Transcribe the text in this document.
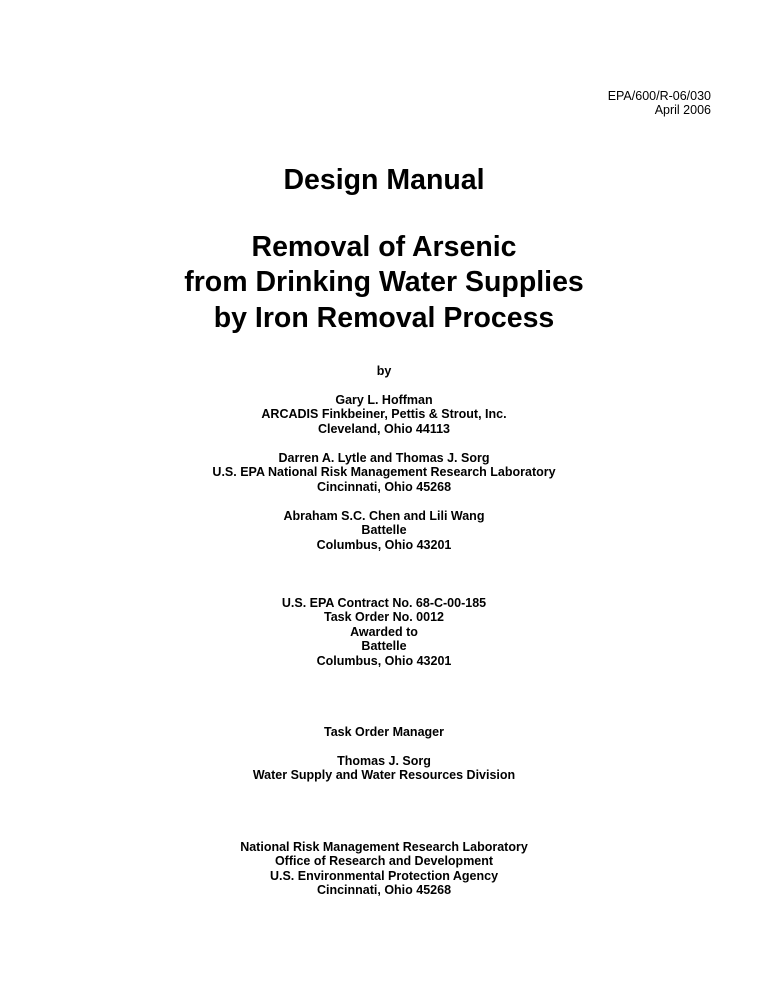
EPA/600/R-06/030
April 2006
Design Manual
Removal of Arsenic
from Drinking Water Supplies
by Iron Removal Process
by
Gary L. Hoffman
ARCADIS Finkbeiner, Pettis & Strout, Inc.
Cleveland, Ohio 44113
Darren A. Lytle and Thomas J. Sorg
U.S. EPA National Risk Management Research Laboratory
Cincinnati, Ohio 45268
Abraham S.C. Chen and Lili Wang
Battelle
Columbus, Ohio 43201
U.S. EPA Contract No. 68-C-00-185
Task Order No. 0012
Awarded to
Battelle
Columbus, Ohio 43201
Task Order Manager
Thomas J. Sorg
Water Supply and Water Resources Division
National Risk Management Research Laboratory
Office of Research and Development
U.S. Environmental Protection Agency
Cincinnati, Ohio 45268
